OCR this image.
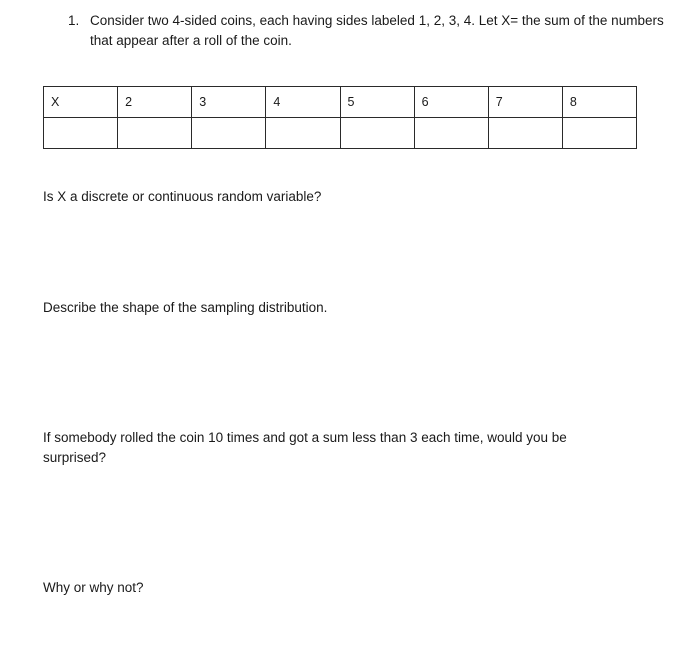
1. Consider two 4-sided coins, each having sides labeled 1, 2, 3, 4. Let X= the sum of the numbers that appear after a roll of the coin.
X	2	3	4	5	6	7	8

Is X a discrete or continuous random variable?
Describe the shape of the sampling distribution.
If somebody rolled the coin 10 times and got a sum less than 3 each time, would you be surprised?
Why or why not?
